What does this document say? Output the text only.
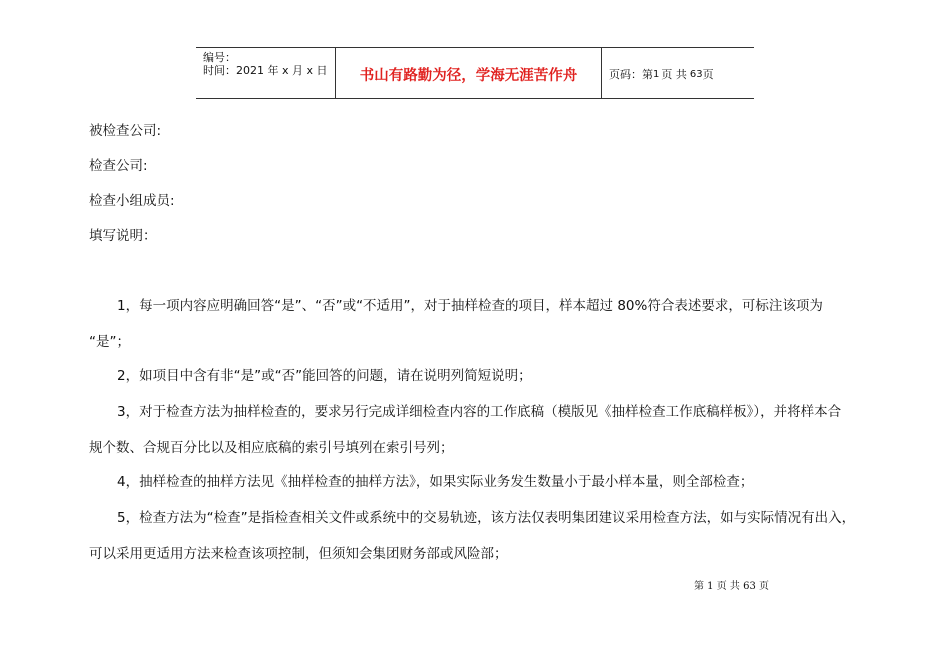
编号：
时间：2021 年 x 月 x 日	书山有路勤为径，学海无涯苦作舟	页码：第 1 页 共 63 页
被检查公司:
检查公司:
检查小组成员:
填写说明：
1，每一项内容应明确回答“是”、“否”或“不适用”，对于抽样检查的项目，样本超过 80%符合表述要求，可标注该项为
“是”；
2，如项目中含有非“是”或“否”能回答的问题，请在说明列简短说明；
3，对于检查方法为抽样检查的，要求另行完成详细检查内容的工作底稿（模版见《抽样检查工作底稿样板》），并将样本合
规个数、合规百分比以及相应底稿的索引号填列在索引号列；
4，抽样检查的抽样方法见《抽样检查的抽样方法》，如果实际业务发生数量小于最小样本量，则全部检查；
5，检查方法为“检查”是指检查相关文件或系统中的交易轨迹，该方法仅表明集团建议采用检查方法，如与实际情况有出入，
可以采用更适用方法来检查该项控制，但须知会集团财务部或风险部；
第 1 页 共 63 页
